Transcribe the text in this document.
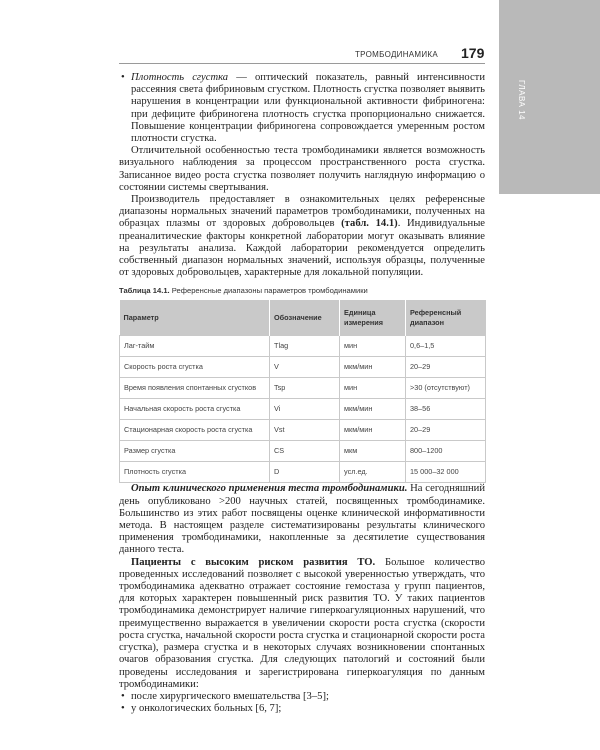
ГЛАВА 14
ТРОМБОДИНАМИКА 179

• Плотность сгустка — оптический показатель, равный интенсивности рассеяния света фибриновым сгустком. Плотность сгустка позволяет выявить нарушения в концентрации или функциональной активности фибриногена: при дефиците фибриногена плотность сгустка пропорционально снижается. Повышение концентрации фибриногена сопровождается умеренным ростом плотности сгустка.

Отличительной особенностью теста тромбодинамики является возможность визуального наблюдения за процессом пространственного роста сгустка. Записанное видео роста сгустка позволяет получить наглядную информацию о состоянии системы свертывания.

Производитель предоставляет в ознакомительных целях референсные диапазоны нормальных значений параметров тромбодинамики, полученных на образцах плазмы от здоровых добровольцев (табл. 14.1). Индивидуальные преаналитические факторы конкретной лаборатории могут оказывать влияние на результаты анализа. Каждой лаборатории рекомендуется определить собственный диапазон нормальных значений, используя образцы, полученные от здоровых добровольцев, характерные для локальной популяции.

Таблица 14.1. Референсные диапазоны параметров тромбодинамики
Параметр	Обозначение	Единица измерения	Референсный диапазон
Лаг-тайм	Tlag	мин	0,6–1,5
Скорость роста сгустка	V	мкм/мин	20–29
Время появления спонтанных сгустков	Tsp	мин	>30 (отсутствуют)
Начальная скорость роста сгустка	Vi	мкм/мин	38–56
Стационарная скорость роста сгустка	Vst	мкм/мин	20–29
Размер сгустка	CS	мкм	800–1200
Плотность сгустка	D	усл.ед.	15 000–32 000

Опыт клинического применения теста тромбодинамики. На сегодняшний день опубликовано >200 научных статей, посвященных тромбодинамике. Большинство из этих работ посвящены оценке клинической информативности метода. В настоящем разделе систематизированы результаты клинического применения тромбодинамики, накопленные за десятилетие существования данного теста.

Пациенты с высоким риском развития ТО. Большое количество проведенных исследований позволяет с высокой уверенностью утверждать, что тромбодинамика адекватно отражает состояние гемостаза у групп пациентов, для которых характерен повышенный риск развития ТО. У таких пациентов тромбодинамика демонстрирует наличие гиперкоагуляционных нарушений, что преимущественно выражается в увеличении скорости роста сгустка (скорости роста сгустка, начальной скорости роста сгустка и стационарной скорости роста сгустка), размера сгустка и в некоторых случаях возникновении спонтанных очагов образования сгустка. Для следующих патологий и состояний были проведены исследования и зарегистрирована гиперкоагуляция по данным тромбодинамики:

• после хирургического вмешательства [3–5];
• у онкологических больных [6, 7];
